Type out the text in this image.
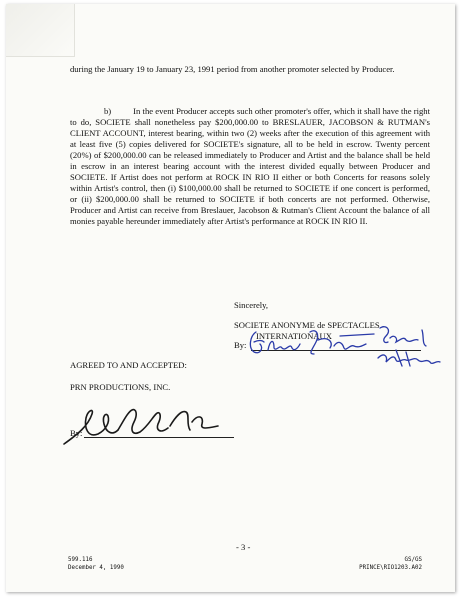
during the January 19 to January 23, 1991 period from another promoter selected by Producer.

b)	In the event Producer accepts such other promoter's offer, which it shall have the right to do, SOCIETE shall nonetheless pay $200,000.00 to BRESLAUER, JACOBSON & RUTMAN's CLIENT ACCOUNT, interest bearing, within two (2) weeks after the execution of this agreement with at least five (5) copies delivered for SOCIETE's signature, all to be held in escrow. Twenty percent (20%) of $200,000.00 can be released immediately to Producer and Artist and the balance shall be held in escrow in an interest bearing account with the interest divided equally between Producer and SOCIETE. If Artist does not perform at ROCK IN RIO II either or both Concerts for reasons solely within Artist's control, then (i) $100,000.00 shall be returned to SOCIETE if one concert is performed, or (ii) $200,000.00 shall be returned to SOCIETE if both concerts are not performed. Otherwise, Producer and Artist can receive from Breslauer, Jacobson & Rutman's Client Account the balance of all monies payable hereunder immediately after Artist's performance at ROCK IN RIO II.

Sincerely,
SOCIETE ANONYME de SPECTACLES
INTERNATIONAUX
By:
AGREED TO AND ACCEPTED:
PRN PRODUCTIONS, INC.
By:
- 3 -
599.116
December 4, 1990
GS/GS
PRINCE\RIO1203.A02
